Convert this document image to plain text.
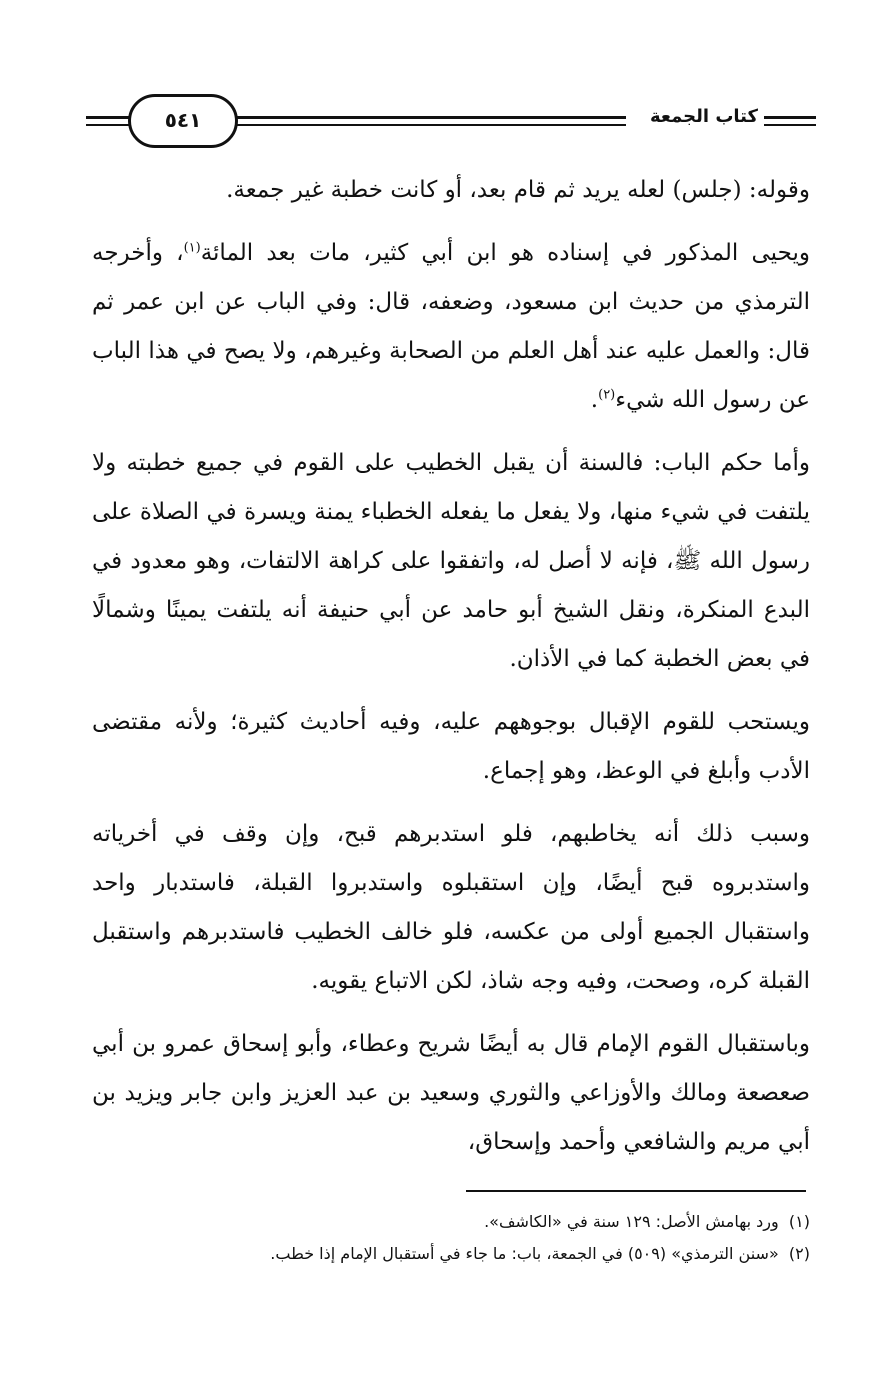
كتاب الجمعة
٥٤١

وقوله: (جلس) لعله يريد ثم قام بعد، أو كانت خطبة غير جمعة.

ويحيى المذكور في إسناده هو ابن أبي كثير، مات بعد المائة$^{(١)}$، وأخرجه الترمذي من حديث ابن مسعود، وضعفه، قال: وفي الباب عن ابن عمر ثم قال: والعمل عليه عند أهل العلم من الصحابة وغيرهم، ولا يصح في هذا الباب عن رسول الله شيء$^{(٢)}$.

وأما حكم الباب: فالسنة أن يقبل الخطيب على القوم في جميع خطبته ولا يلتفت في شيء منها، ولا يفعل ما يفعله الخطباء يمنة ويسرة في الصلاة على رسول الله ﷺ، فإنه لا أصل له، واتفقوا على كراهة الالتفات، وهو معدود في البدع المنكرة، ونقل الشيخ أبو حامد عن أبي حنيفة أنه يلتفت يمينًا وشمالًا في بعض الخطبة كما في الأذان.

ويستحب للقوم الإقبال بوجوههم عليه، وفيه أحاديث كثيرة؛ ولأنه مقتضى الأدب وأبلغ في الوعظ، وهو إجماع.

وسبب ذلك أنه يخاطبهم، فلو استدبرهم قبح، وإن وقف في أخرياته واستدبروه قبح أيضًا، وإن استقبلوه واستدبروا القبلة، فاستدبار واحد واستقبال الجميع أولى من عكسه، فلو خالف الخطيب فاستدبرهم واستقبل القبلة كره، وصحت، وفيه وجه شاذ، لكن الاتباع يقويه.

وباستقبال القوم الإمام قال به أيضًا شريح وعطاء، وأبو إسحاق عمرو بن أبي صعصعة ومالك والأوزاعي والثوري وسعيد بن عبد العزيز وابن جابر ويزيد بن أبي مريم والشافعي وأحمد وإسحاق،

(١)  ورد بهامش الأصل: ١٢٩ سنة في «الكاشف».
(٢)  «سنن الترمذي» (٥٠٩) في الجمعة، باب: ما جاء في أستقبال الإمام إذا خطب.
